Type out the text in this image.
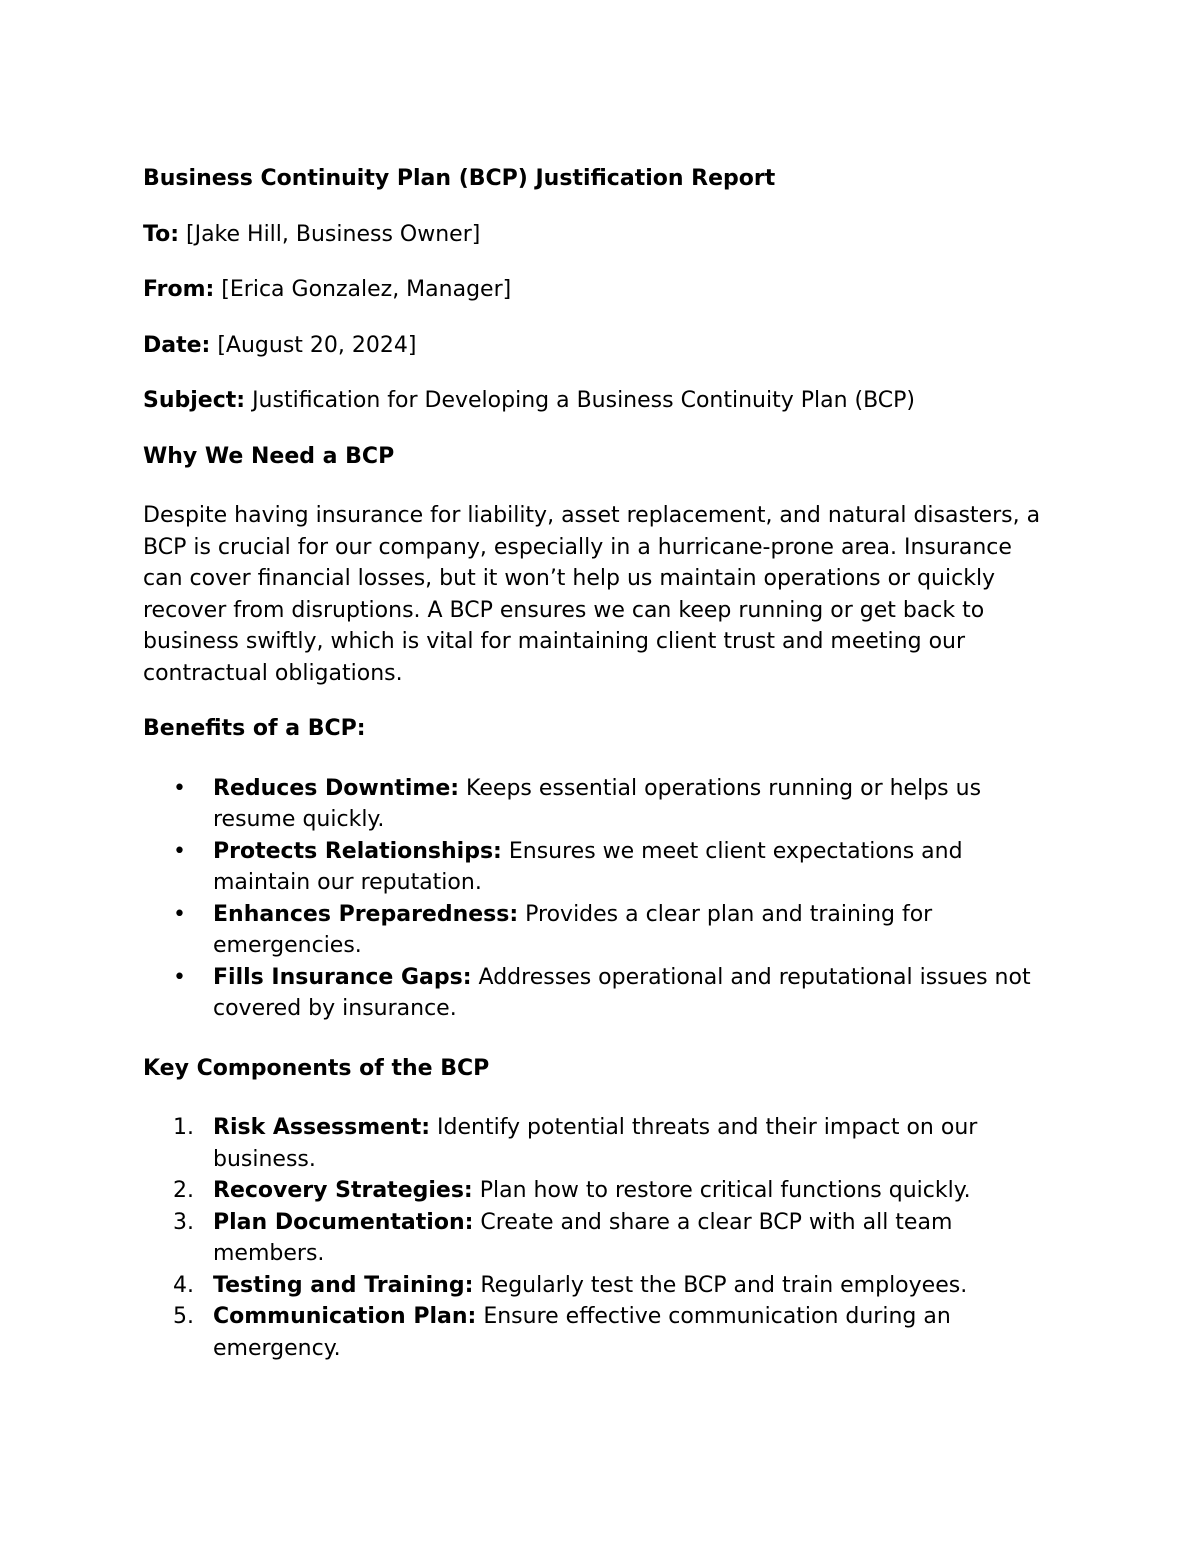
Business Continuity Plan (BCP) Justification Report

To: [Jake Hill, Business Owner]

From: [Erica Gonzalez, Manager]

Date: [August 20, 2024]

Subject: Justification for Developing a Business Continuity Plan (BCP)

Why We Need a BCP

Despite having insurance for liability, asset replacement, and natural disasters, a BCP is crucial for our company, especially in a hurricane-prone area. Insurance can cover financial losses, but it won’t help us maintain operations or quickly recover from disruptions. A BCP ensures we can keep running or get back to business swiftly, which is vital for maintaining client trust and meeting our contractual obligations.

Benefits of a BCP:

•	Reduces Downtime: Keeps essential operations running or helps us resume quickly.
•	Protects Relationships: Ensures we meet client expectations and maintain our reputation.
•	Enhances Preparedness: Provides a clear plan and training for emergencies.
•	Fills Insurance Gaps: Addresses operational and reputational issues not covered by insurance.

Key Components of the BCP

1. Risk Assessment: Identify potential threats and their impact on our business.
2. Recovery Strategies: Plan how to restore critical functions quickly.
3. Plan Documentation: Create and share a clear BCP with all team members.
4. Testing and Training: Regularly test the BCP and train employees.
5. Communication Plan: Ensure effective communication during an emergency.
